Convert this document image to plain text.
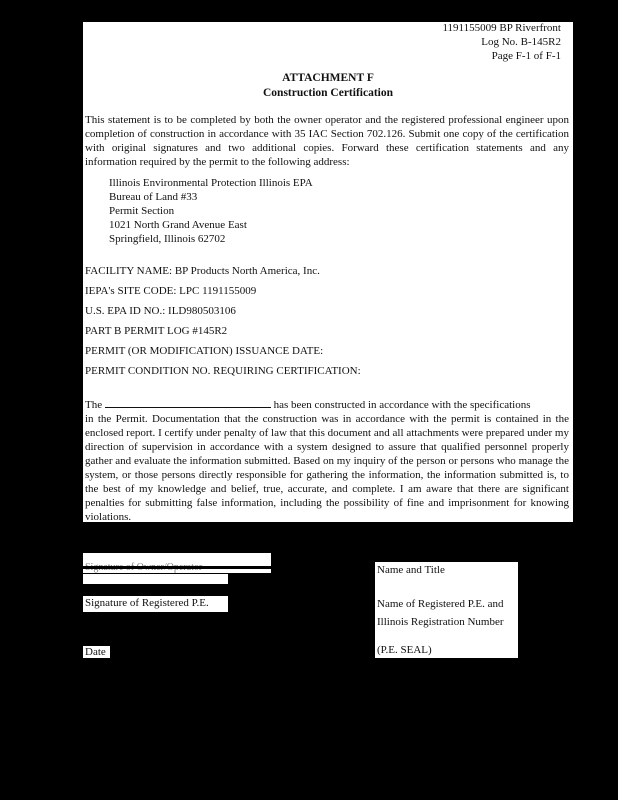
1191155009 BP Riverfront
Log No. B-145R2
Page F-1 of F-1
ATTACHMENT F
Construction Certification
This statement is to be completed by both the owner operator and the registered professional engineer upon completion of construction in accordance with 35 IAC Section 702.126. Submit one copy of the certification with original signatures and two additional copies. Forward these certification statements and any information required by the permit to the following address:
Illinois Environmental Protection Illinois EPA
Bureau of Land #33
Permit Section
1021 North Grand Avenue East
Springfield, Illinois 62702
FACILITY NAME: BP Products North America, Inc.
IEPA's SITE CODE: LPC 1191155009
U.S. EPA ID NO.: ILD980503106
PART B PERMIT LOG #145R2
PERMIT (OR MODIFICATION) ISSUANCE DATE:
PERMIT CONDITION NO. REQUIRING CERTIFICATION:
The	has been constructed in accordance with the specifications
in the Permit. Documentation that the construction was in accordance with the permit is contained in the enclosed report. I certify under penalty of law that this document and all attachments were prepared under my direction of supervision in accordance with a system designed to assure that qualified personnel properly gather and evaluate the information submitted. Based on my inquiry of the person or persons who manage the system, or those persons directly responsible for gathering the information, the information submitted is, to the best of my knowledge and belief, true, accurate, and complete. I am aware that there are significant penalties for submitting false information, including the possibility of fine and imprisonment for knowing violations.
Signature of Registered P.E.
Date
Name and Title
Name of Registered P.E. and
Illinois Registration Number
(P.E. SEAL)
